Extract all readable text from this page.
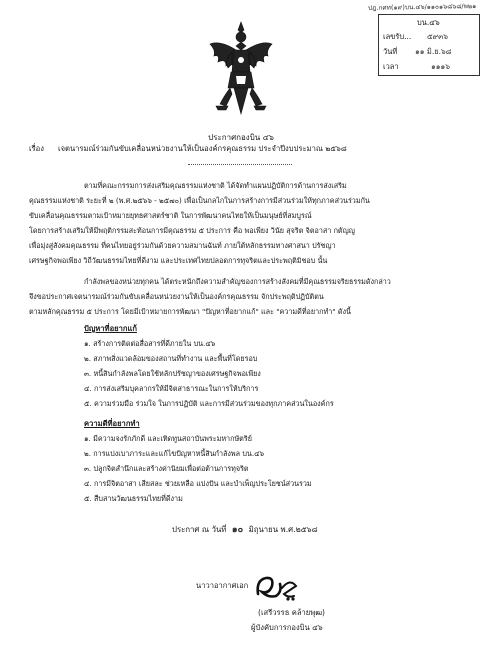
ปฎ.กศท(๑๙)บน.๔๖/๑๑๐๑๖๘๖๘/พ๒๑
บน.๔๖
เลขรับ... ๕๙๓๖
วันที่ ๑๑ มิ.ย.๖๘
เวลา	๑๑๑๖
ประกาศกองบิน ๔๖
เรื่อง เจตนารมณ์ร่วมกันขับเคลื่อนหน่วยงานให้เป็นองค์กรคุณธรรม ประจำปีงบประมาณ ๒๕๖๘
ตามที่คณะกรรมการส่งเสริมคุณธรรมแห่งชาติ ได้จัดทำแผนปฏิบัติการด้านการส่งเสริม
คุณธรรมแห่งชาติ ระยะที่ ๒ (พ.ศ.๒๕๖๖ - ๒๕๗๐) เพื่อเป็นกลไกในการสร้างการมีส่วนร่วมให้ทุกภาคส่วนร่วมกัน
ขับเคลื่อนคุณธรรมตามเป้าหมายยุทธศาสตร์ชาติ ในการพัฒนาคนไทยให้เป็นมนุษย์ที่สมบูรณ์
โดยการสร้างเสริมให้มีพฤติกรรมสะท้อนการมีคุณธรรม ๕ ประการ คือ พอเพียง วินัย สุจริต จิตอาสา กตัญญู
เพื่อมุ่งสู่สังคมคุณธรรม ที่คนไทยอยู่ร่วมกันด้วยความสมานฉันท์ ภายใต้หลักธรรมทางศาสนา ปรัชญา
เศรษฐกิจพอเพียง วิถีวัฒนธรรมไทยที่ดีงาม และประเทศไทยปลอดการทุจริตและประพฤติมิชอบ นั้น
กำลังพลของหน่วยทุกคน ได้ตระหนักถึงความสำคัญของการสร้างสังคมที่มีคุณธรรมจริยธรรมดังกล่าว
จึงขอประกาศเจตนารมณ์ร่วมกันขับเคลื่อนหน่วยงานให้เป็นองค์กรคุณธรรม จักประพฤติปฏิบัติตน
ตามหลักคุณธรรม ๕ ประการ โดยมีเป้าหมายการพัฒนา "ปัญหาที่อยากแก้" และ "ความดีที่อยากทำ" ดังนี้
ปัญหาที่อยากแก้
๑. สร้างการติดต่อสื่อสารที่ดีภายใน บน.๔๖
๒. สภาพสิ่งแวดล้อมของสถานที่ทำงาน และพื้นที่โดยรอบ
๓. หนี้สินกำลังพลโดยใช้หลักปรัชญาของเศรษฐกิจพอเพียง
๔. การส่งเสริมบุคลากรให้มีจิตสาธารณะในการให้บริการ
๕. ความร่วมมือ ร่วมใจ ในการปฏิบัติ และการมีส่วนร่วมของทุกภาคส่วนในองค์กร
ความดีที่อยากทำ
๑. มีความจงรักภักดี และเทิดทูนสถาบันพระมหากษัตริย์
๒. การแบ่งเบาภาระและแก้ไขปัญหาหนี้สินกำลังพล บน.๔๖
๓. ปลูกจิตสำนึกและสร้างค่านิยมเพื่อต่อต้านการทุจริต
๔. การมีจิตอาสา เสียสละ ช่วยเหลือ แบ่งปัน และบำเพ็ญประโยชน์ส่วนรวม
๕. สืบสานวัฒนธรรมไทยที่ดีงาม
ประกาศ ณ วันที่ ๑๐ มิถุนายน พ.ศ.๒๕๖๘
นาวาอากาศเอก
(เสรีวรรธ คล้ายพุฒ)
ผู้บังคับการกองบิน ๔๖
